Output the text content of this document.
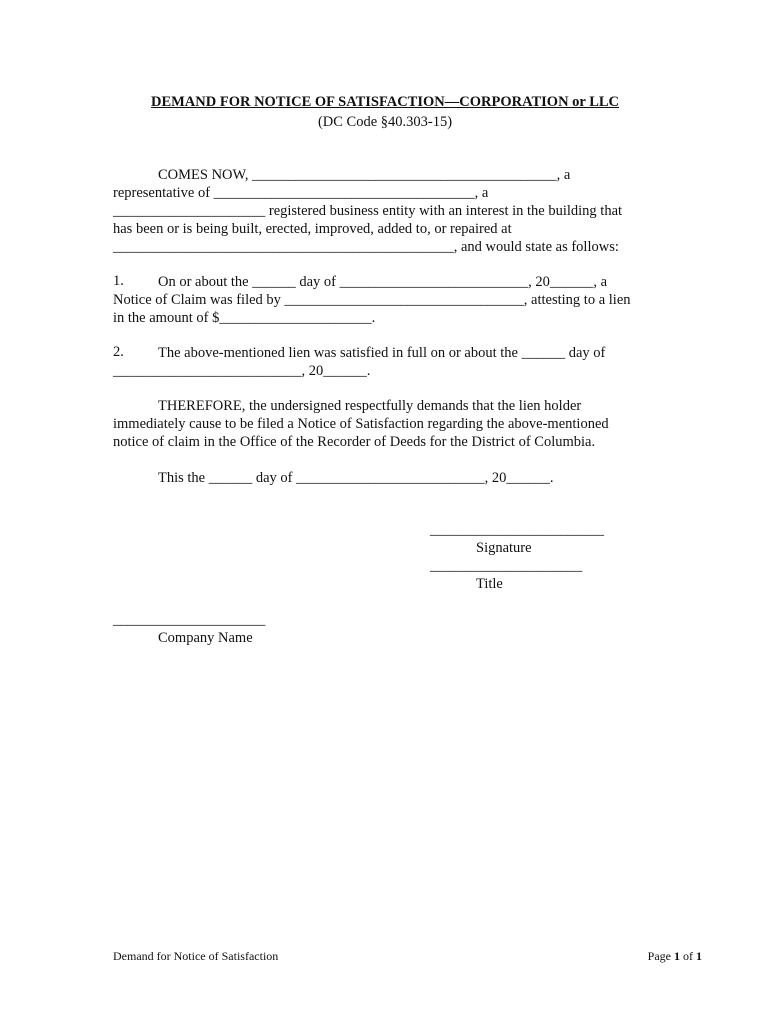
DEMAND FOR NOTICE OF SATISFACTION—CORPORATION or LLC
(DC Code §40.303-15)
COMES NOW, __________________________________________, a
representative of ____________________________________, a
_____________________ registered business entity with an interest in the building that
has been or is being built, erected, improved, added to, or repaired at
_______________________________________________, and would state as follows:
1. On or about the ______ day of __________________________, 20______, a
Notice of Claim was filed by _________________________________, attesting to a lien
in the amount of $_____________________.
2. The above-mentioned lien was satisfied in full on or about the ______ day of
__________________________, 20______.
THEREFORE, the undersigned respectfully demands that the lien holder
immediately cause to be filed a Notice of Satisfaction regarding the above-mentioned
notice of claim in the Office of the Recorder of Deeds for the District of Columbia.
This the ______ day of __________________________, 20______.
________________________
Signature
_____________________
Title
_____________________
Company Name
Demand for Notice of Satisfaction	Page 1 of 1
